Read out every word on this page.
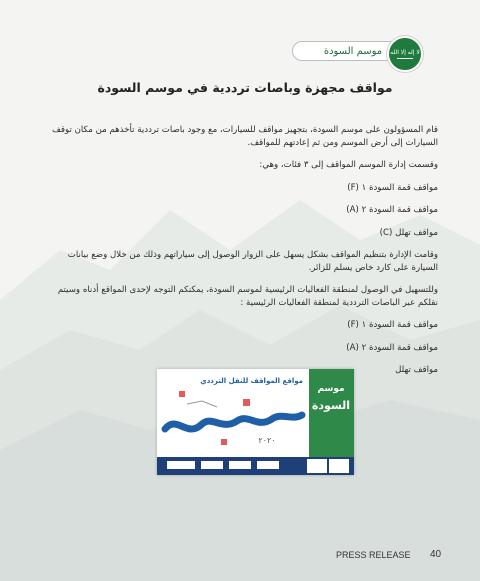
موسم السودة ﻻ إله إلا الله
مواقف مجهزة وباصات ترددية في موسم السودة

قام المسؤولون على موسم السودة، بتجهيز مواقف للسيارات، مع وجود باصات ترددية تأخذهم من مكان توقف السيارات إلى أرض الموسم ومن ثم إعادتهم للمواقف.

وقسمت إدارة الموسم المواقف إلى ٣ فئات، وهي:

مواقف قمة السودة ١ (F)

مواقف قمة السودة ٢ (A)

مواقف تهلل (C)

وقامت الإدارة بتنظيم المواقف بشكل يسهل على الزوار الوصول إلى سياراتهم وذلك من خلال وضع بيانات السيارة على كارد خاص يسلم للزائر.

وللتسهيل في الوصول لمنطقة الفعاليات الرئيسية لموسم السودة، يمكنكم التوجه لإحدى المواقع أدناه وسيتم نقلكم عبر الباصات الترددية لمنطقة الفعاليات الرئيسية :

مواقف قمة السودة ١ (F)

مواقف قمة السودة ٢ (A)

مواقف تهلل

موسم
السودة
مواقع المواقف للنقل الترددي
٢٠٢٠
PRESS RELEASE 40
